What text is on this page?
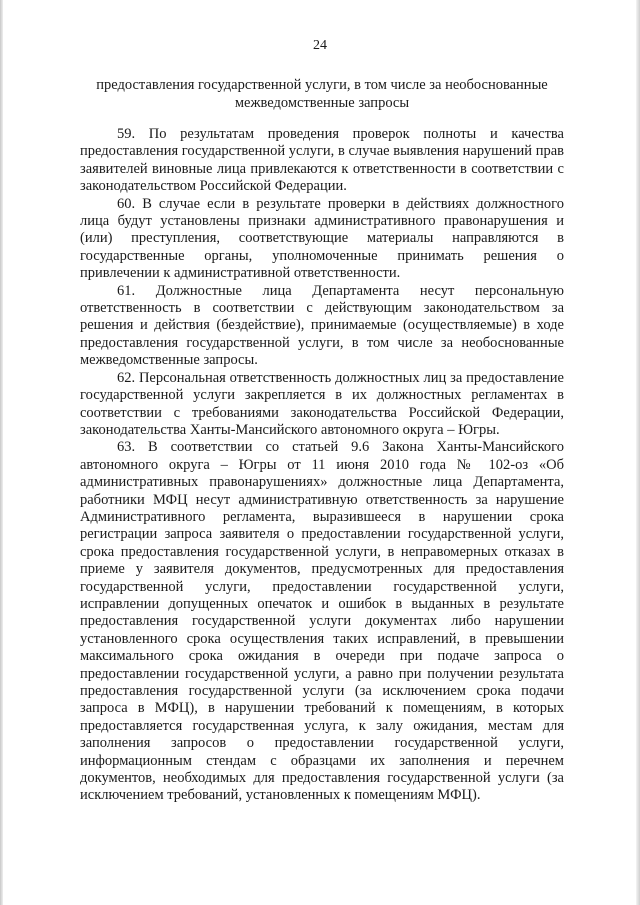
24
предоставления государственной услуги, в том числе за необоснованные межведомственные запросы

59. По результатам проведения проверок полноты и качества предоставления государственной услуги, в случае выявления нарушений прав заявителей виновные лица привлекаются к ответственности в соответствии с законодательством Российской Федерации.

60. В случае если в результате проверки в действиях должностного лица будут установлены признаки административного правонарушения и (или) преступления, соответствующие материалы направляются в государственные органы, уполномоченные принимать решения о привлечении к административной ответственности.

61. Должностные лица Департамента несут персональную ответственность в соответствии с действующим законодательством за решения и действия (бездействие), принимаемые (осуществляемые) в ходе предоставления государственной услуги, в том числе за необоснованные межведомственные запросы.

62. Персональная ответственность должностных лиц за предоставление государственной услуги закрепляется в их должностных регламентах в соответствии с требованиями законодательства Российской Федерации, законодательства Ханты-Мансийского автономного округа – Югры.

63. В соответствии со статьей 9.6 Закона Ханты-Мансийского автономного округа – Югры от 11 июня 2010 года № 102-оз «Об административных правонарушениях» должностные лица Департамента, работники МФЦ несут административную ответственность за нарушение Административного регламента, выразившееся в нарушении срока регистрации запроса заявителя о предоставлении государственной услуги, срока предоставления государственной услуги, в неправомерных отказах в приеме у заявителя документов, предусмотренных для предоставления государственной услуги, предоставлении государственной услуги, исправлении допущенных опечаток и ошибок в выданных в результате предоставления государственной услуги документах либо нарушении установленного срока осуществления таких исправлений, в превышении максимального срока ожидания в очереди при подаче запроса о предоставлении государственной услуги, а равно при получении результата предоставления государственной услуги (за исключением срока подачи запроса в МФЦ), в нарушении требований к помещениям, в которых предоставляется государственная услуга, к залу ожидания, местам для заполнения запросов о предоставлении государственной услуги, информационным стендам с образцами их заполнения и перечнем документов, необходимых для предоставления государственной услуги (за исключением требований, установленных к помещениям МФЦ).
